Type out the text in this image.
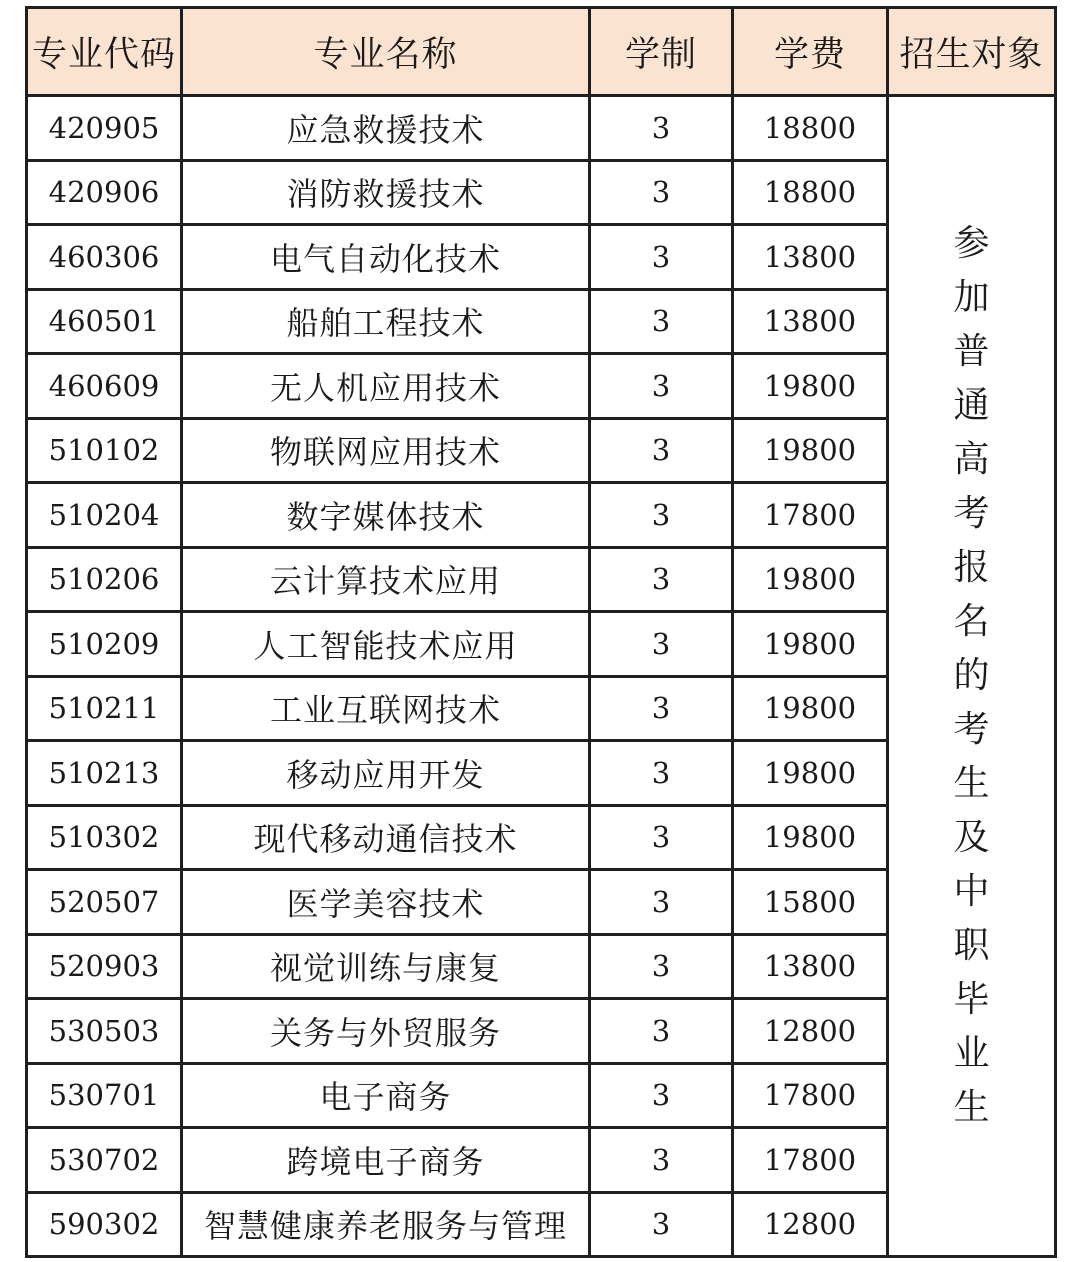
专业代码	专业名称	学制	学费	招生对象
420905	应急救援技术	3	18800	参加普通高考报名的考生及中职毕业生
420906	消防救援技术	3	18800	
460306	电气自动化技术	3	13800	
460501	船舶工程技术	3	13800	
460609	无人机应用技术	3	19800	
510102	物联网应用技术	3	19800	
510204	数字媒体技术	3	17800	
510206	云计算技术应用	3	19800	
510209	人工智能技术应用	3	19800	
510211	工业互联网技术	3	19800	
510213	移动应用开发	3	19800	
510302	现代移动通信技术	3	19800	
520507	医学美容技术	3	15800	
520903	视觉训练与康复	3	13800	
530503	关务与外贸服务	3	12800	
530701	电子商务	3	17800	
530702	跨境电子商务	3	17800	
590302	智慧健康养老服务与管理	3	12800	
